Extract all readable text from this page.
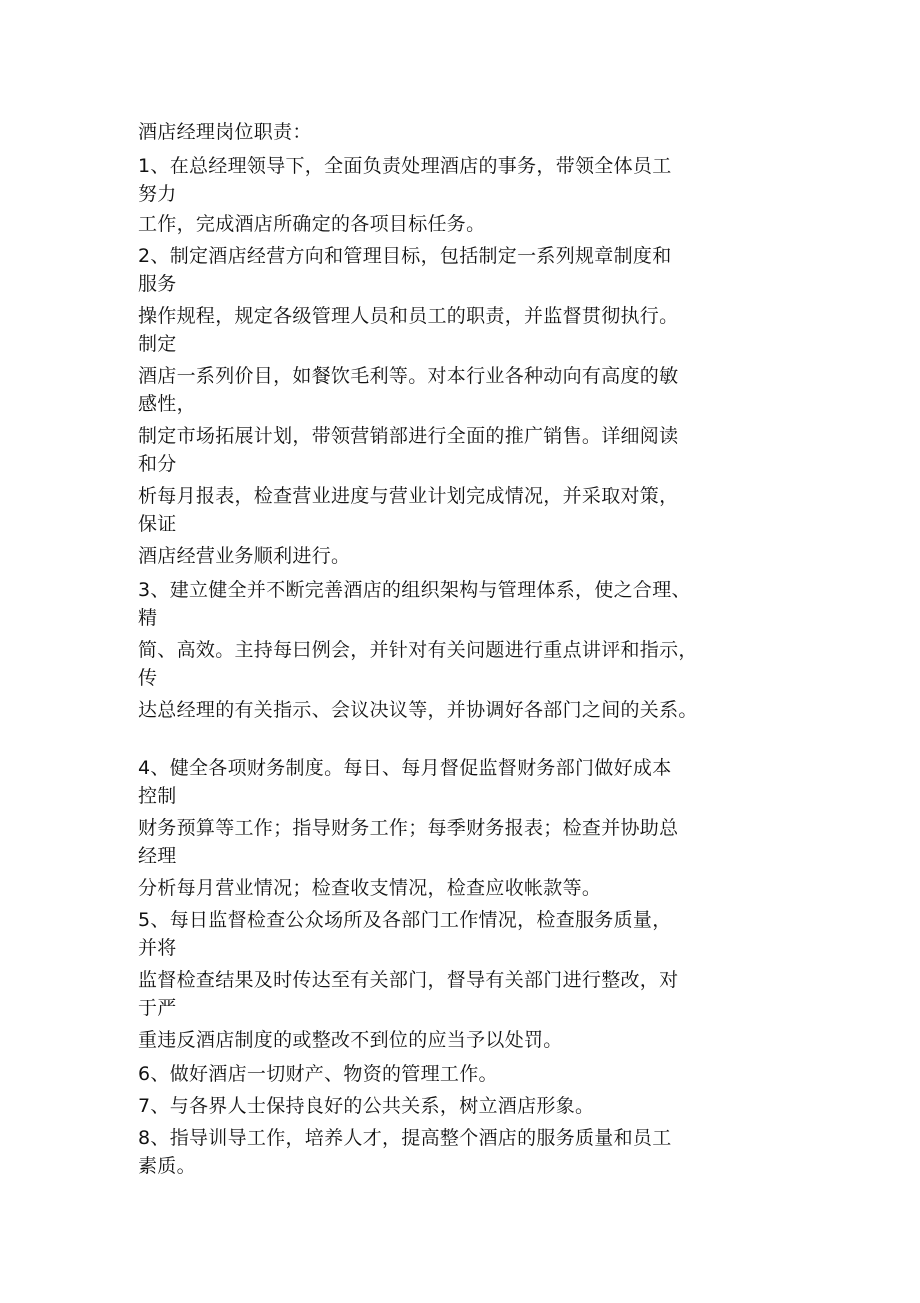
酒店经理岗位职责：
1、在总经理领导下，全面负责处理酒店的事务，带领全体员工
努力
工作，完成酒店所确定的各项目标任务。
2、制定酒店经营方向和管理目标，包括制定一系列规章制度和
服务
操作规程，规定各级管理人员和员工的职责，并监督贯彻执行。
制定
酒店一系列价目，如餐饮毛利等。对本行业各种动向有高度的敏
感性，
制定市场拓展计划，带领营销部进行全面的推广销售。详细阅读
和分
析每月报表，检查营业进度与营业计划完成情况，并采取对策，
保证
酒店经营业务顺利进行。
3、建立健全并不断完善酒店的组织架构与管理体系，使之合理、
精
简、高效。主持每曰例会，并针对有关问题进行重点讲评和指示，
传
达总经理的有关指示、会议决议等，并协调好各部门之间的关系。
4、健全各项财务制度。每日、每月督促监督财务部门做好成本
控制
财务预算等工作；指导财务工作；每季财务报表；检查并协助总
经理
分析每月营业情况；检查收支情况，检查应收帐款等。
5、每日监督检查公众场所及各部门工作情况，检查服务质量，
并将
监督检查结果及时传达至有关部门，督导有关部门进行整改，对
于严
重违反酒店制度的或整改不到位的应当予以处罚。
6、做好酒店一切财产、物资的管理工作。
7、与各界人士保持良好的公共关系，树立酒店形象。
8、指导训导工作，培养人才，提高整个酒店的服务质量和员工
素质。
